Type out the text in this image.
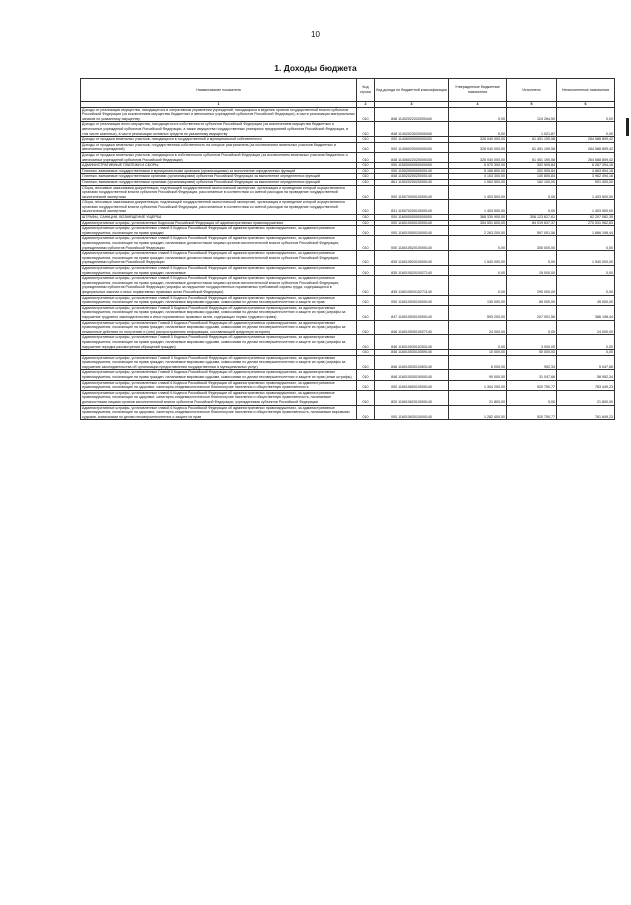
10
1. Доходы бюджета
Наименование показателя	Код строки	Код дохода по бюджетной классификации	Утвержденные бюджетные назначения	Исполнено	Неисполненные назначения
1	2	3	4	5	6
Доходы от реализации имущества, находящегося в оперативном управлении учреждений, находящихся в ведении органов государственной власти субъектов Российской Федерации (за исключением имущества бюджетных и автономных учреждений субъектов Российской Федерации), в части реализации материальных запасов по указанному имуществу	010	848 11402022020000440	0,00	124 264,50	0,00
Доходы от реализации иного имущества, находящегося в собственности субъектов Российской Федерации (за исключением имущества бюджетных и автономных учреждений субъектов Российской Федерации, а также имущества государственных унитарных предприятий субъектов Российской Федерации, в том числе казенных), в части реализации основных средств по указанному имуществу	010	848 11402023020000440	0,00	1 021,87	0,00
Доходы от продажи земельных участков, находящихся в государственной и муниципальной собственности	010	000 11406000000000430	326 040 000,00	61 451 190,58	264 588 809,42
Доходы от продажи земельных участков, государственная собственность на которые разграничена (за исключением земельных участков бюджетных и автономных учреждений)	010	000 11406020000000430	326 040 000,00	61 451 190,58	264 588 809,42
Доходы от продажи земельных участков, находящихся в собственности субъектов Российской Федерации (за исключением земельных участков бюджетных и автономных учреждений субъектов Российской Федерации)	010	848 11406022020000430	326 040 000,00	61 451 190,58	264 588 809,42
АДМИНИСТРАТИВНЫЕ ПЛАТЕЖИ И СБОРЫ	010	000 11500000000000000	6 570 300,00	302 905,84	6 267 394,16
Платежи, взимаемые государственными и муниципальными органами (организациями) за выполнение определенных функций	010	000 11502000000000140	5 166 800,00	302 905,84	4 863 894,16
Платежи, взимаемые государственными органами (организациями) субъектов Российской Федерации за выполнение определенных функций	010	848 11502020020000140	4 103 300,00	140 805,84	3 962 494,16
Платежи, взимаемые государственными органами (организациями) субъектов Российской Федерации за выполнение определенных функций	010	861 11502020020000140	1 063 500,00	162 100,00	901 400,00
Сборы, вносимые заказчиками документации, подлежащей государственной экологической экспертизе, организация и проведение которой осуществляются органами государственной власти субъектов Российской Федерации, рассчитанные в соответствии со сметой расходов на проведение государственной экологической экспертизы	010	000 11507000010000140	1 403 500,00	0,00	1 403 500,00
Сборы, вносимые заказчиками документации, подлежащей государственной экологической экспертизе, организация и проведение которой осуществляются органами государственной власти субъектов Российской Федерации, рассчитанные в соответствии со сметой расходов на проведение государственной экологической экспертизы	010	831 11507020010000140	1 403 500,00	0,00	1 403 500,00
ШТРАФЫ, САНКЦИИ, ВОЗМЕЩЕНИЕ УЩЕРБА	010	000 11600000000000000	368 330 900,00	306 123 817,61	62 207 082,39
Административные штрафы, установленные Кодексом Российской Федерации об административных правонарушениях	010	000 11601000010000140	354 551 600,00	84 019 637,37	270 531 962,63
Административные штрафы, установленные главой 5 Кодекса Российской Федерации об административных правонарушениях, за административные правонарушения, посягающие на права граждан	010	000 11601050010000140	2 263 200,00	597 001,56	1 666 198,44
Административные штрафы, установленные главой 5 Кодекса Российской Федерации об административных правонарушениях, за административные правонарушения, посягающие на права граждан, налагаемые должностными лицами органов исполнительной власти субъектов Российской Федерации, учреждениями субъектов Российской Федерации	010	000 11601052010000140	0,00	305 000,00	0,00
Административные штрафы, установленные главой 5 Кодекса Российской Федерации об административных правонарушениях, за административные правонарушения, посягающие на права граждан, налагаемые должностными лицами органов исполнительной власти субъектов Российской Федерации, учреждениями субъектов Российской Федерации	010	835 11601052010000140	1 540 000,00	0,00	1 540 000,00
Административные штрафы, установленные главой 5 Кодекса Российской Федерации об административных правонарушениях, за административные правонарушения, посягающие на права граждан, налагаемые	010	835 11601052010027140	0,00	15 000,00	0,00
Административные штрафы, установленные главой 5 Кодекса Российской Федерации об административных правонарушениях, за административные правонарушения, посягающие на права граждан, налагаемые должностными лицами органов исполнительной власти субъектов Российской Федерации, учреждениями субъектов Российской Федерации (штрафы за нарушение государственных нормативных требований охраны труда, содержащихся в федеральных законах и иных нормативных правовых актах Российской Федерации)	010	835 11601052010271140	0,00	290 000,00	0,00
Административные штрафы, установленные главой 5 Кодекса Российской Федерации об административных правонарушениях, за административные правонарушения, посягающие на права граждан, налагаемые мировыми судьями, комиссиями по делам несовершеннолетних и защите их прав	010	000 11601053010000140	130 000,00	85 000,00	45 000,00
Административные штрафы, установленные Главой 5 Кодекса Российской Федерации об административных правонарушениях, за административные правонарушения, посягающие на права граждан, налагаемые мировыми судьями, комиссиями по делам несовершеннолетних и защите их прав (штрафы за нарушение трудового законодательства и иных нормативных правовых актов, содержащих нормы трудового права)	010	847 11601053010000140	593 200,00	207 001,56	386 198,44
Административные штрафы, установленные Главой 5 Кодекса Российской Федерации об административных правонарушениях, за административные правонарушения, посягающие на права граждан, налагаемые мировыми судьями, комиссиями по делам несовершеннолетних и защите их прав (штрафы за незаконные действия по получению и (или) распространению информации, составляющей кредитную историю)	010	846 11601053010027140	24 000,00	0,00	24 000,00
Административные штрафы, установленные Главой 5 Кодекса Российской Федерации об административных правонарушениях, за административные правонарушения, посягающие на права граждан, налагаемые мировыми судьями, комиссиями по делам несовершеннолетних и защите их прав (штрафы за нарушение порядка рассмотрения обращений граждан)	010	846 11601053010253140	0,00	3 000,00	0,00
	010	846 11601053010059140	10 000,00	50 000,00	0,00
Административные штрафы, установленные Главой 5 Кодекса Российской Федерации об административных правонарушениях, за административные правонарушения, посягающие на права граждан, налагаемые мировыми судьями, комиссиями по делам несовершеннолетних и защите их прав (штрафы за нарушение законодательства об организации предоставления государственных и муниципальных услуг)	010	846 11601053010063140	6 000,00	952,34	5 047,66
Административные штрафы, установленные Главой 5 Кодекса Российской Федерации об административных правонарушениях, за административные правонарушения, посягающие на права граждан, налагаемые мировыми судьями, комиссиями по делам несовершеннолетних и защите их прав (иные штрафы)	010	846 11601053019000140	90 000,00	31 047,66	58 952,34
Административные штрафы, установленные главой 6 Кодекса Российской Федерации об административных правонарушениях, за административные правонарушения, посягающие на здоровье, санитарно-эпидемиологическое благополучие населения и общественную нравственность	010	000 11601060010000140	1 304 200,00	520 750,77	783 449,23
Административные штрафы, установленные главой 6 Кодекса Российской Федерации об административных правонарушениях, за административные правонарушения, посягающие на здоровье, санитарно-эпидемиологическое благополучие населения и общественную нравственность, налагаемые должностными лицами органов исполнительной власти субъектов Российской Федерации, учреждениями субъектов Российской Федерации	010	820 11601062010000140	21 800,00	0,00	21 800,00
Административные штрафы, установленные главой 6 Кодекса Российской Федерации об административных правонарушениях, за административные правонарушения, посягающие на здоровье, санитарно-эпидемиологическое благополучие населения и общественную нравственность, налагаемые мировыми судьями, комиссиями по делам несовершеннолетних и защите их прав	010	000 11601063010000140	1 282 400,00	520 750,77	761 649,23
